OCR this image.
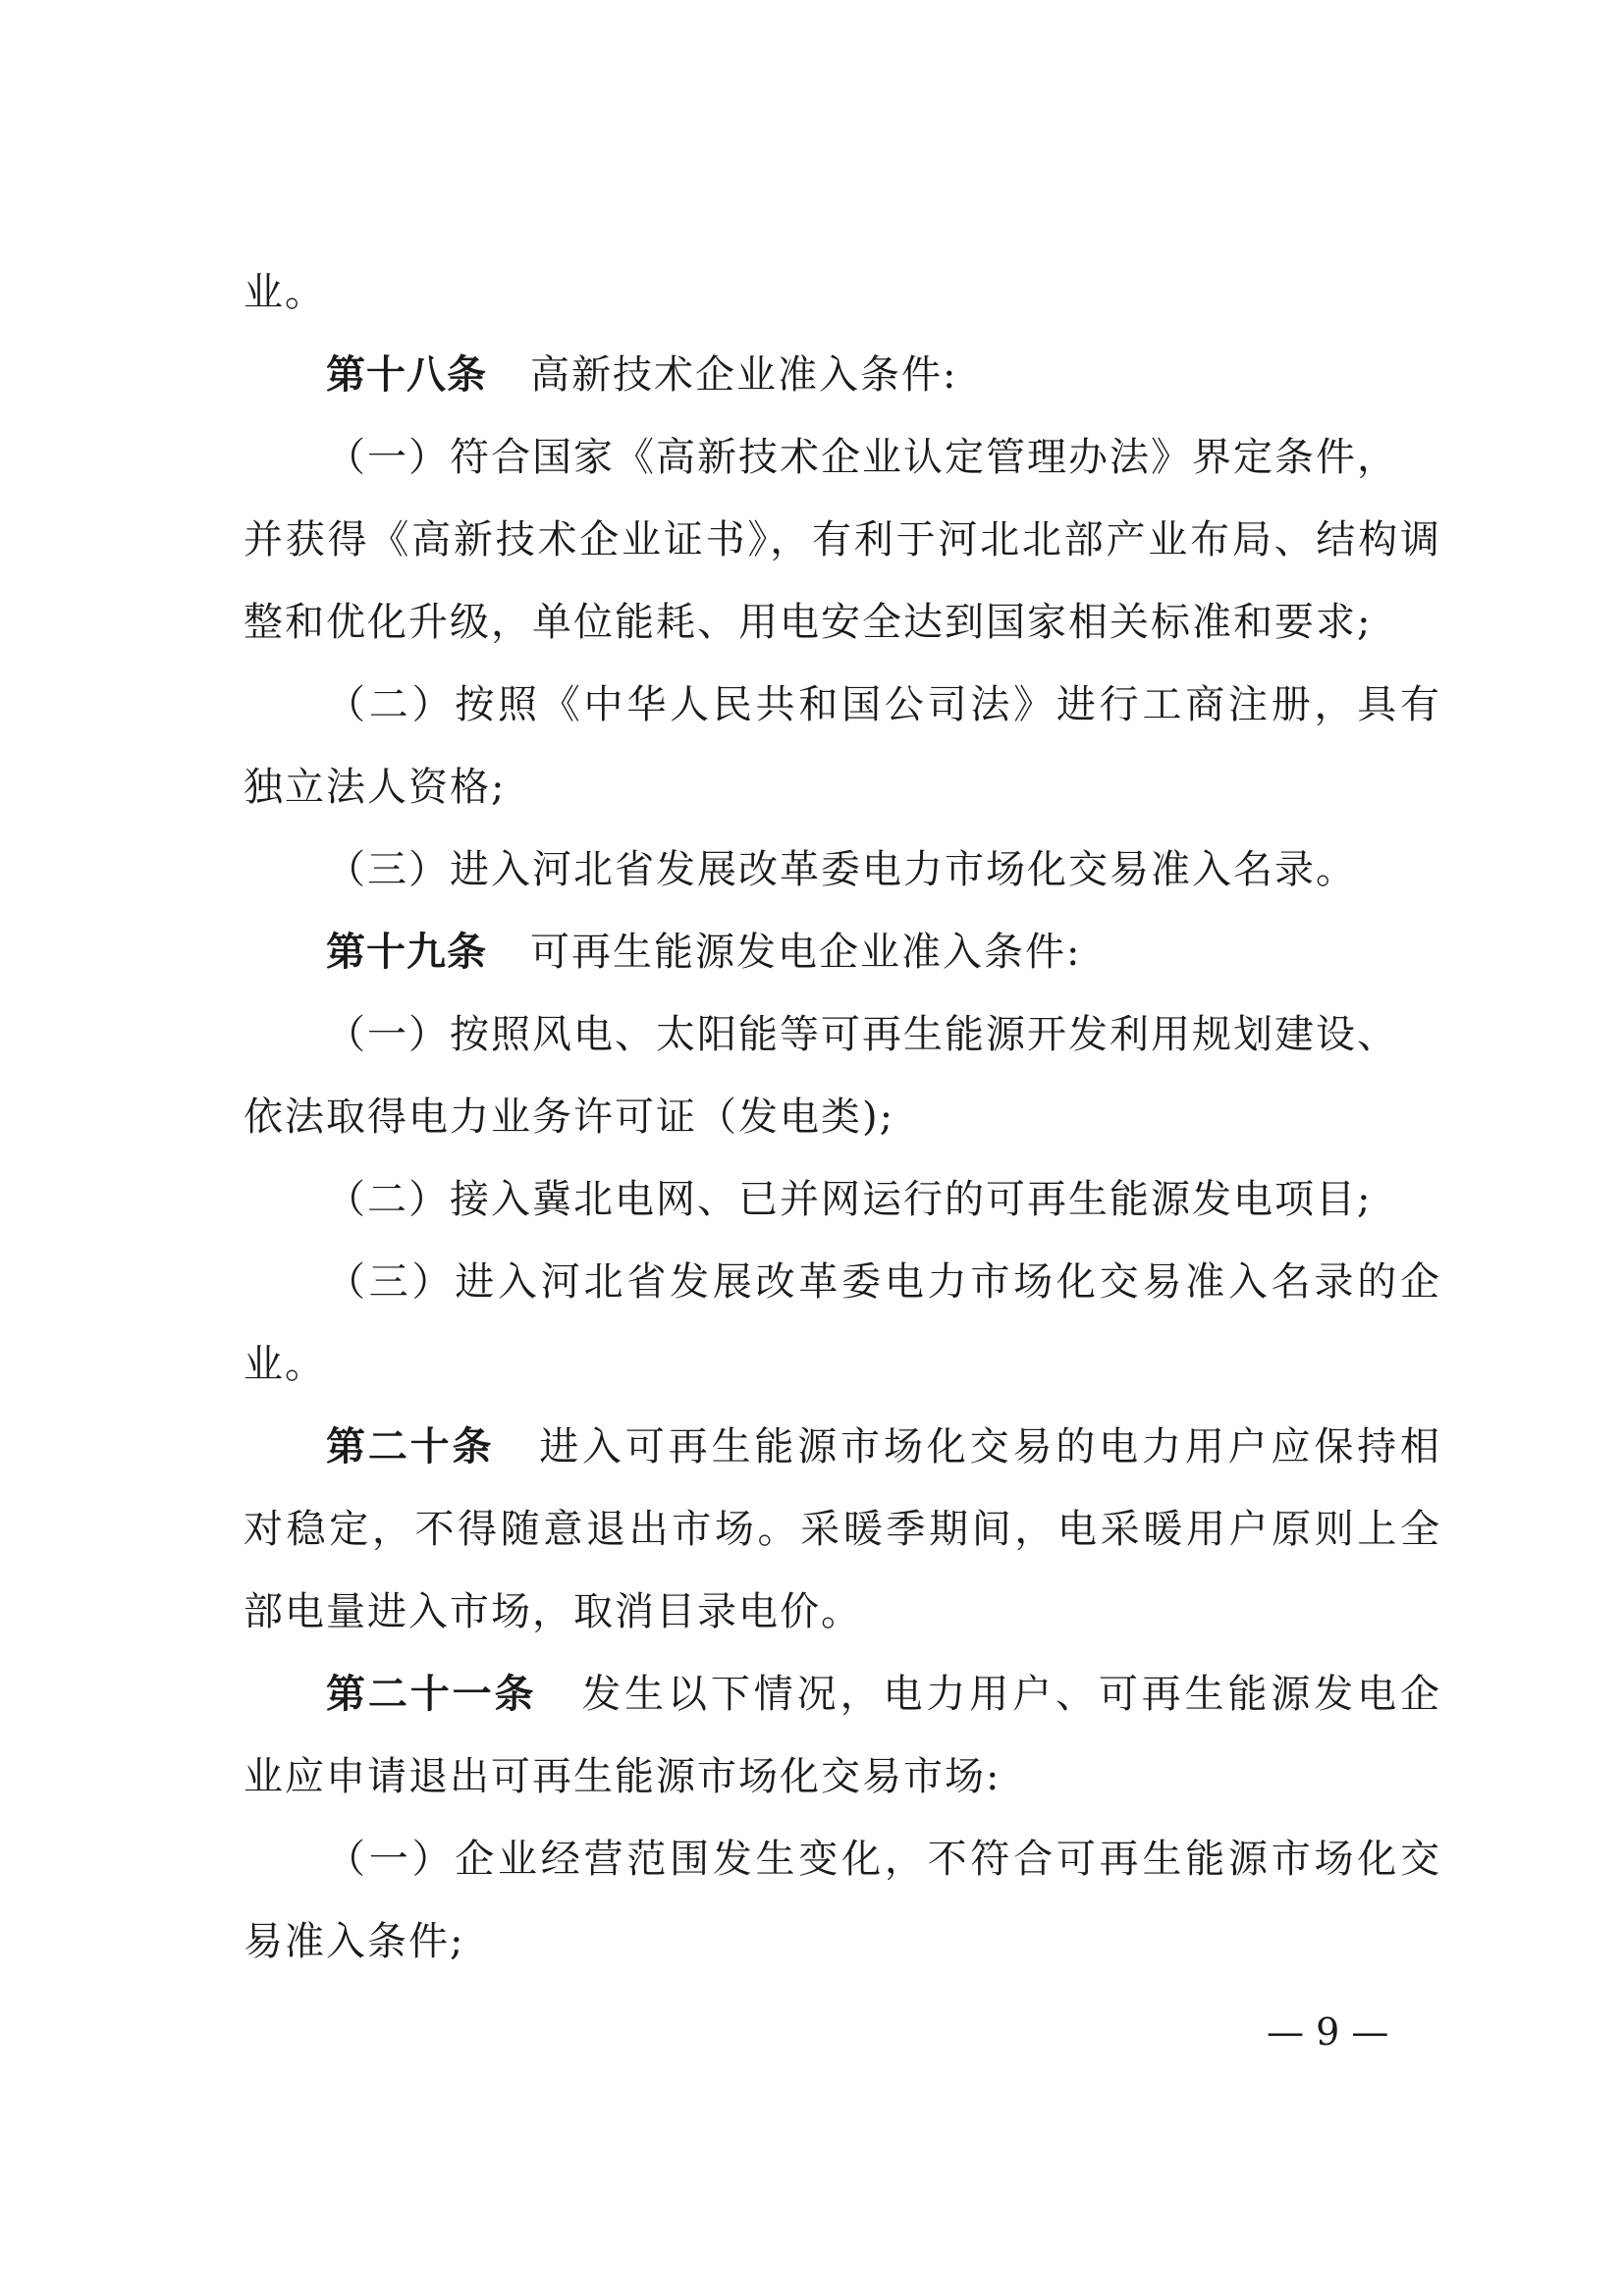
业。
第十八条 高新技术企业准入条件:
（一）符合国家《高新技术企业认定管理办法》界定条件，
并获得《高新技术企业证书》，有利于河北北部产业布局、结构调
整和优化升级，单位能耗、用电安全达到国家相关标准和要求;
（二）按照《中华人民共和国公司法》进行工商注册，具有
独立法人资格;
（三）进入河北省发展改革委电力市场化交易准入名录。
第十九条 可再生能源发电企业准入条件:
（一）按照风电、太阳能等可再生能源开发利用规划建设、
依法取得电力业务许可证（发电类);
（二）接入冀北电网、已并网运行的可再生能源发电项目;
（三）进入河北省发展改革委电力市场化交易准入名录的企
业。
第二十条 进入可再生能源市场化交易的电力用户应保持相
对稳定，不得随意退出市场。采暖季期间，电采暖用户原则上全
部电量进入市场，取消目录电价。
第二十一条 发生以下情况，电力用户、可再生能源发电企
业应申请退出可再生能源市场化交易市场:
（一）企业经营范围发生变化，不符合可再生能源市场化交
易准入条件;
— 9 —
